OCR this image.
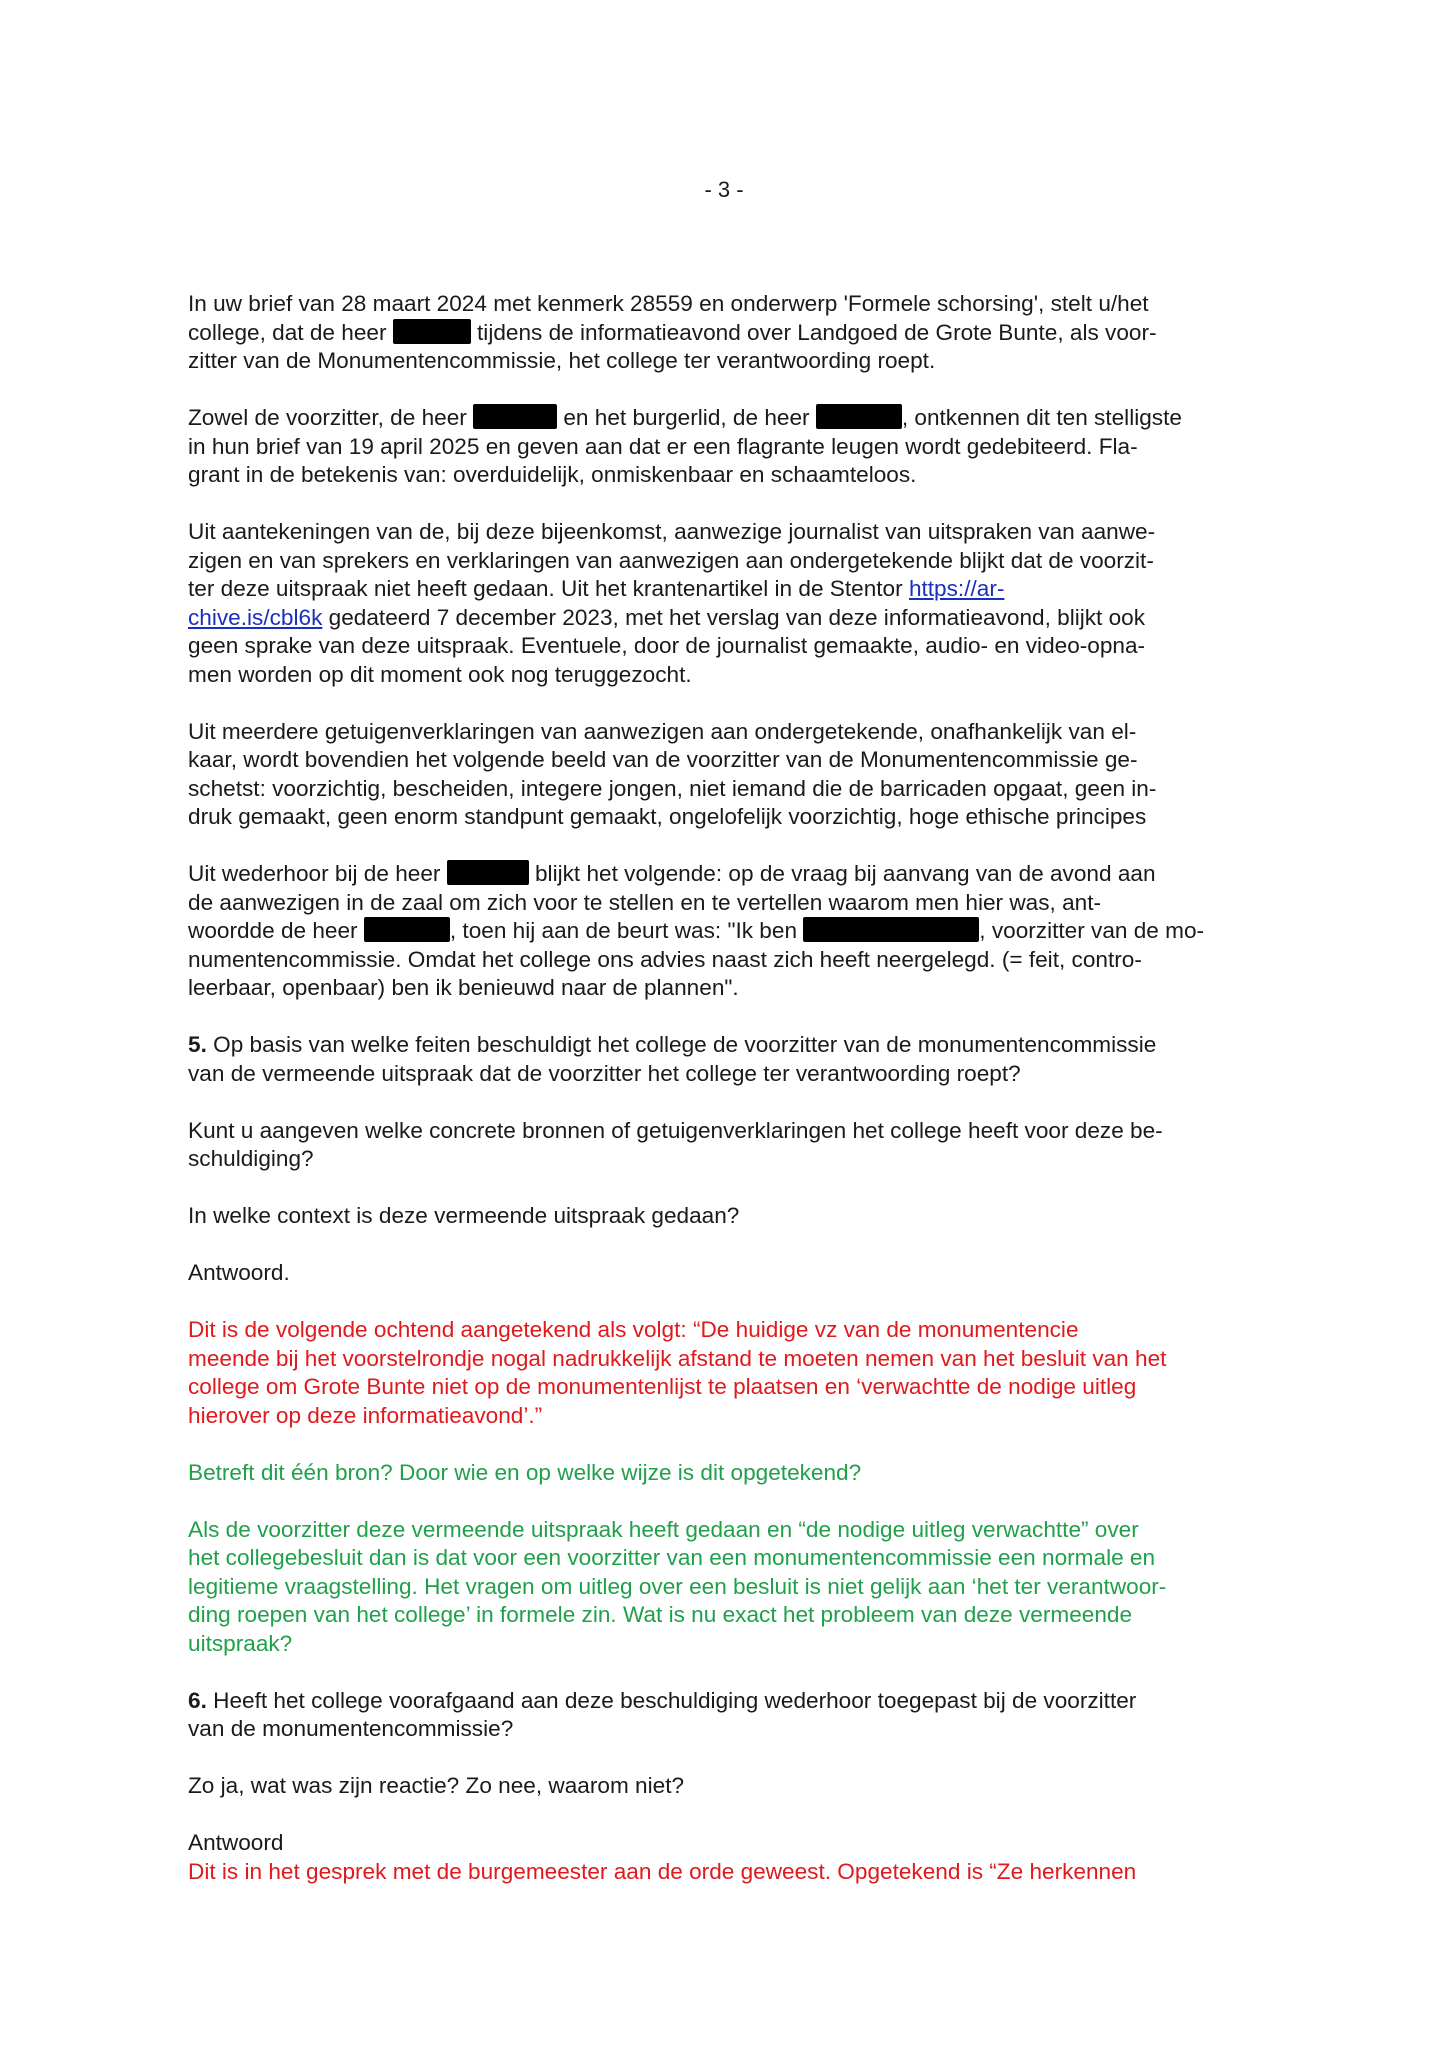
- 3 -
In uw brief van 28 maart 2024 met kenmerk 28559 en onderwerp 'Formele schorsing', stelt u/het
college, dat de heer	tijdens de informatieavond over Landgoed de Grote Bunte, als voor-
zitter van de Monumentencommissie, het college ter verantwoording roept.
Zowel de voorzitter, de heer	en het burgerlid, de heer	, ontkennen dit ten stelligste
in hun brief van 19 april 2025 en geven aan dat er een flagrante leugen wordt gedebiteerd. Fla-
grant in de betekenis van: overduidelijk, onmiskenbaar en schaamteloos.
Uit aantekeningen van de, bij deze bijeenkomst, aanwezige journalist van uitspraken van aanwe-
zigen en van sprekers en verklaringen van aanwezigen aan ondergetekende blijkt dat de voorzit-
ter deze uitspraak niet heeft gedaan. Uit het krantenartikel in de Stentor https://ar-
chive.is/cbl6k gedateerd 7 december 2023, met het verslag van deze informatieavond, blijkt ook
geen sprake van deze uitspraak. Eventuele, door de journalist gemaakte, audio- en video-opna-
men worden op dit moment ook nog teruggezocht.
Uit meerdere getuigenverklaringen van aanwezigen aan ondergetekende, onafhankelijk van el-
kaar, wordt bovendien het volgende beeld van de voorzitter van de Monumentencommissie ge-
schetst: voorzichtig, bescheiden, integere jongen, niet iemand die de barricaden opgaat, geen in-
druk gemaakt, geen enorm standpunt gemaakt, ongelofelijk voorzichtig, hoge ethische principes
Uit wederhoor bij de heer	blijkt het volgende: op de vraag bij aanvang van de avond aan
de aanwezigen in de zaal om zich voor te stellen en te vertellen waarom men hier was, ant-
woordde de heer	, toen hij aan de beurt was: "Ik ben	, voorzitter van de mo-
numentencommissie. Omdat het college ons advies naast zich heeft neergelegd. (= feit, contro-
leerbaar, openbaar) ben ik benieuwd naar de plannen".
5. Op basis van welke feiten beschuldigt het college de voorzitter van de monumentencommissie
van de vermeende uitspraak dat de voorzitter het college ter verantwoording roept?
Kunt u aangeven welke concrete bronnen of getuigenverklaringen het college heeft voor deze be-
schuldiging?
In welke context is deze vermeende uitspraak gedaan?
Antwoord.
Dit is de volgende ochtend aangetekend als volgt: “De huidige vz van de monumentencie
meende bij het voorstelrondje nogal nadrukkelijk afstand te moeten nemen van het besluit van het
college om Grote Bunte niet op de monumentenlijst te plaatsen en ‘verwachtte de nodige uitleg
hierover op deze informatieavond’.”
Betreft dit één bron? Door wie en op welke wijze is dit opgetekend?
Als de voorzitter deze vermeende uitspraak heeft gedaan en “de nodige uitleg verwachtte” over
het collegebesluit dan is dat voor een voorzitter van een monumentencommissie een normale en
legitieme vraagstelling. Het vragen om uitleg over een besluit is niet gelijk aan ‘het ter verantwoor-
ding roepen van het college’ in formele zin. Wat is nu exact het probleem van deze vermeende
uitspraak?
6. Heeft het college voorafgaand aan deze beschuldiging wederhoor toegepast bij de voorzitter
van de monumentencommissie?
Zo ja, wat was zijn reactie? Zo nee, waarom niet?
Antwoord
Dit is in het gesprek met de burgemeester aan de orde geweest. Opgetekend is “Ze herkennen
